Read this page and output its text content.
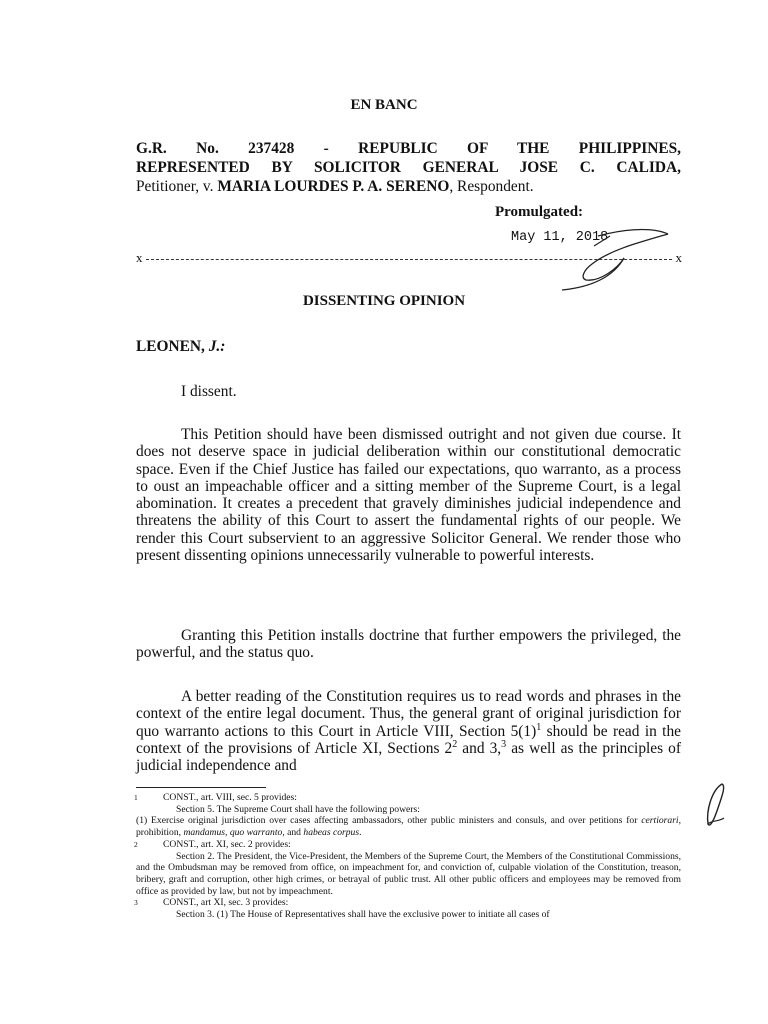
EN BANC

G.R. No. 237428 - REPUBLIC OF THE PHILIPPINES,
REPRESENTED BY SOLICITOR GENERAL JOSE C. CALIDA,
Petitioner, v. MARIA LOURDES P. A. SERENO, Respondent.

Promulgated:

May 11, 2018

x	x

DISSENTING OPINION

LEONEN, J.:

I dissent.

This Petition should have been dismissed outright and not given due course. It does not deserve space in judicial deliberation within our constitutional democratic space. Even if the Chief Justice has failed our expectations, quo warranto, as a process to oust an impeachable officer and a sitting member of the Supreme Court, is a legal abomination. It creates a precedent that gravely diminishes judicial independence and threatens the ability of this Court to assert the fundamental rights of our people. We render this Court subservient to an aggressive Solicitor General. We render those who present dissenting opinions unnecessarily vulnerable to powerful interests.

Granting this Petition installs doctrine that further empowers the privileged, the powerful, and the status quo.

A better reading of the Constitution requires us to read words and phrases in the context of the entire legal document. Thus, the general grant of original jurisdiction for quo warranto actions to this Court in Article VIII, Section $5(1)^1$ should be read in the context of the provisions of Article XI, Sections $2^2$ and 3,$^3$ as well as the principles of judicial independence and

1	CONST., art. VIII, sec. 5 provides:
Section 5. The Supreme Court shall have the following powers:
(1) Exercise original jurisdiction over cases affecting ambassadors, other public ministers and consuls, and over petitions for certiorari, prohibition, mandamus, quo warranto, and habeas corpus.
2	CONST., art. XI, sec. 2 provides:
Section 2. The President, the Vice-President, the Members of the Supreme Court, the Members of the Constitutional Commissions, and the Ombudsman may be removed from office, on impeachment for, and conviction of, culpable violation of the Constitution, treason, bribery, graft and corruption, other high crimes, or betrayal of public trust. All other public officers and employees may be removed from office as provided by law, but not by impeachment.
3	CONST., art XI, sec. 3 provides:
Section 3. (1) The House of Representatives shall have the exclusive power to initiate all cases of
